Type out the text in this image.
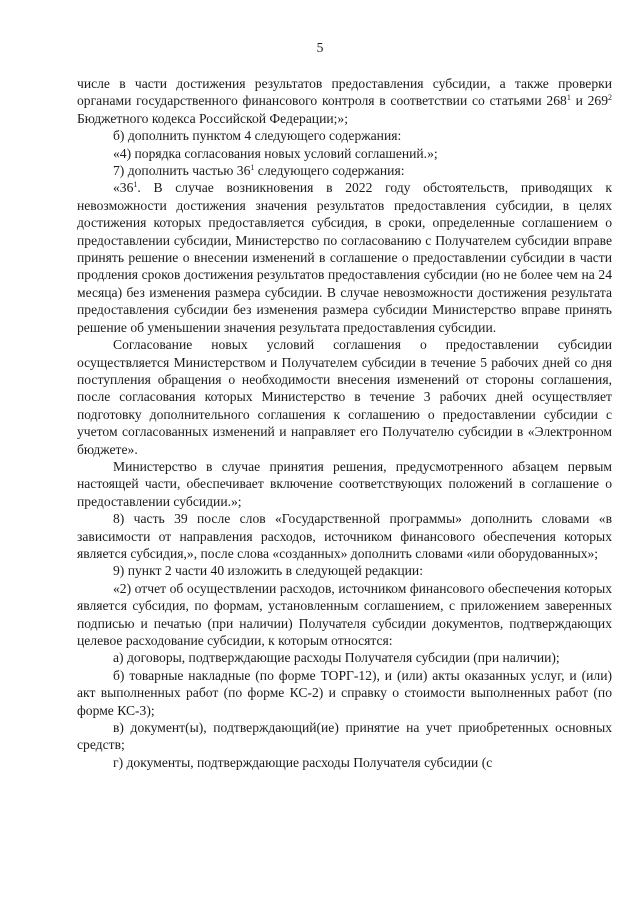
5

числе в части достижения результатов предоставления субсидии, а также проверки органами государственного финансового контроля в соответствии со статьями $268^1$ и $269^2$ Бюджетного кодекса Российской Федерации;»;

б) дополнить пунктом 4 следующего содержания:

«4) порядка согласования новых условий соглашений.»;

7) дополнить частью $36^1$ следующего содержания:

«$36^1$. В случае возникновения в 2022 году обстоятельств, приводящих к невозможности достижения значения результатов предоставления субсидии, в целях достижения которых предоставляется субсидия, в сроки, определенные соглашением о предоставлении субсидии, Министерство по согласованию с Получателем субсидии вправе принять решение о внесении изменений в соглашение о предоставлении субсидии в части продления сроков достижения результатов предоставления субсидии (но не более чем на 24 месяца) без изменения размера субсидии. В случае невозможности достижения результата предоставления субсидии без изменения размера субсидии Министерство вправе принять решение об уменьшении значения результата предоставления субсидии.

Согласование новых условий соглашения о предоставлении субсидии осуществляется Министерством и Получателем субсидии в течение 5 рабочих дней со дня поступления обращения о необходимости внесения изменений от стороны соглашения, после согласования которых Министерство в течение 3 рабочих дней осуществляет подготовку дополнительного соглашения к соглашению о предоставлении субсидии с учетом согласованных изменений и направляет его Получателю субсидии в «Электронном бюджете».

Министерство в случае принятия решения, предусмотренного абзацем первым настоящей части, обеспечивает включение соответствующих положений в соглашение о предоставлении субсидии.»;

8) часть 39 после слов «Государственной программы» дополнить словами «в зависимости от направления расходов, источником финансового обеспечения которых является субсидия,», после слова «созданных» дополнить словами «или оборудованных»;

9) пункт 2 части 40 изложить в следующей редакции:

«2) отчет об осуществлении расходов, источником финансового обеспечения которых является субсидия, по формам, установленным соглашением, с приложением заверенных подписью и печатью (при наличии) Получателя субсидии документов, подтверждающих целевое расходование субсидии, к которым относятся:

а) договоры, подтверждающие расходы Получателя субсидии (при наличии);

б) товарные накладные (по форме ТОРГ-12), и (или) акты оказанных услуг, и (или) акт выполненных работ (по форме КС-2) и справку о стоимости выполненных работ (по форме КС-3);

в) документ(ы), подтверждающий(ие) принятие на учет приобретенных основных средств;

г) документы, подтверждающие расходы Получателя субсидии (с
